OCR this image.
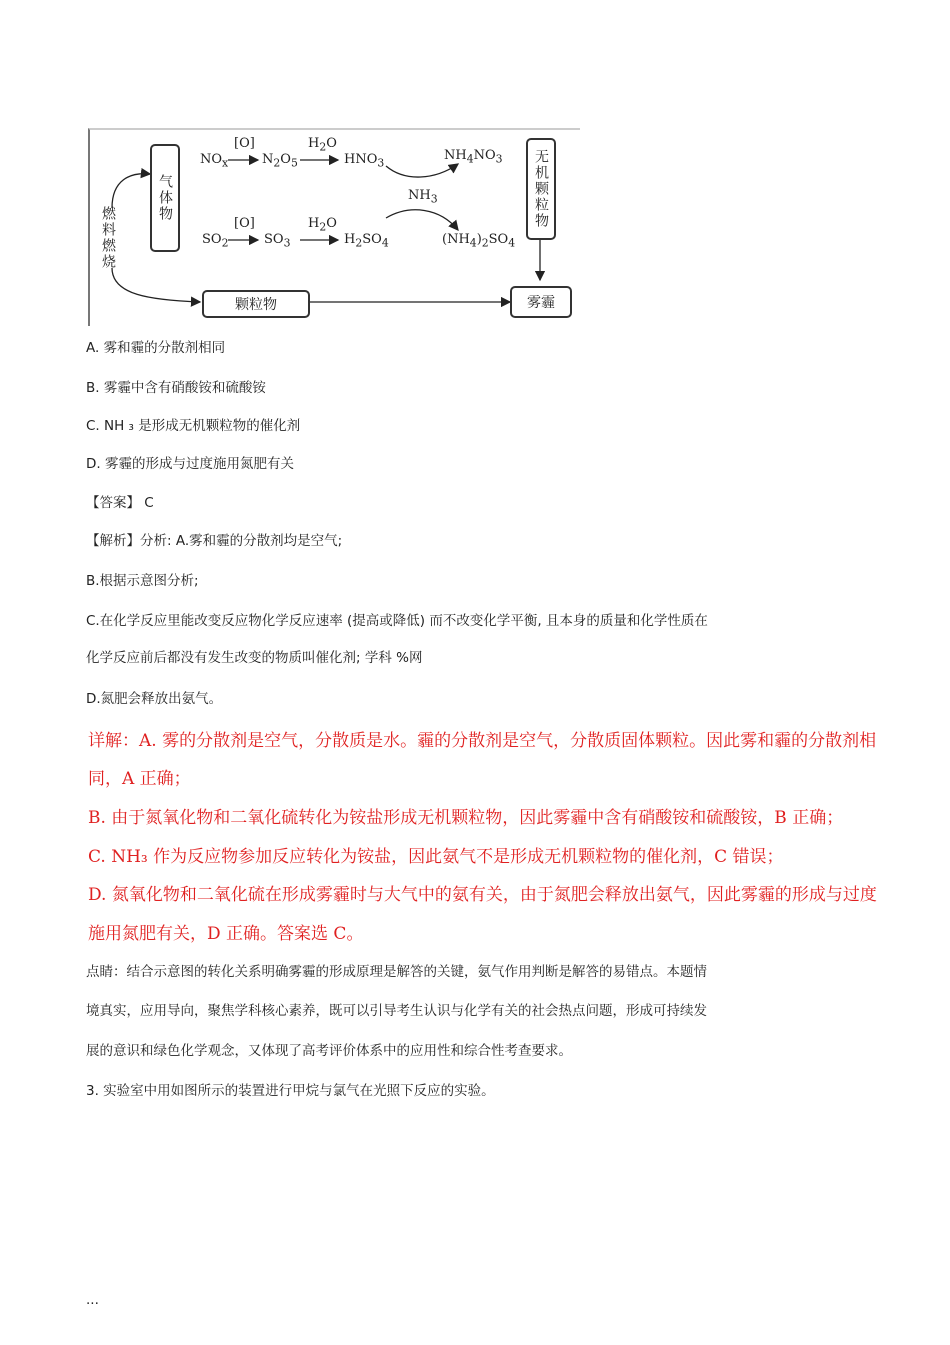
燃料燃烧
气体物
颗粒物
无机颗粒物
雾霾
$NO_x$	$N_2O_5$	$HNO_3$
$NH_4NO_3$
[O]	$H_2O$
$NH_3$
$SO_2$	$SO_3$	$H_2SO_4$	$(NH_4)_2SO_4$
[O]	$H_2O$
A. 雾和霾的分散剂相同
B. 雾霾中含有硝酸铵和硫酸铵
C. NH ₃ 是形成无机颗粒物的催化剂
D. 雾霾的形成与过度施用氮肥有关
【答案】 C
【解析】分析: A.雾和霾的分散剂均是空气;
B.根据示意图分析;
C.在化学反应里能改变反应物化学反应速率 (提高或降低) 而不改变化学平衡, 且本身的质量和化学性质在
化学反应前后都没有发生改变的物质叫催化剂; 学科 %网
D.氮肥会释放出氨气。
详解：A. 雾的分散剂是空气，分散质是水。霾的分散剂是空气，分散质固体颗粒。因此雾和霾的分散剂相
同，A 正确；
B. 由于氮氧化物和二氧化硫转化为铵盐形成无机颗粒物，因此雾霾中含有硝酸铵和硫酸铵，B 正确；
C. NH₃ 作为反应物参加反应转化为铵盐，因此氨气不是形成无机颗粒物的催化剂，C 错误；
D. 氮氧化物和二氧化硫在形成雾霾时与大气中的氨有关，由于氮肥会释放出氨气，因此雾霾的形成与过度
施用氮肥有关，D 正确。答案选 C。
点睛：结合示意图的转化关系明确雾霾的形成原理是解答的关键，氨气作用判断是解答的易错点。本题情
境真实，应用导向，聚焦学科核心素养，既可以引导考生认识与化学有关的社会热点问题，形成可持续发
展的意识和绿色化学观念，又体现了高考评价体系中的应用性和综合性考查要求。
3. 实验室中用如图所示的装置进行甲烷与氯气在光照下反应的实验。
...
